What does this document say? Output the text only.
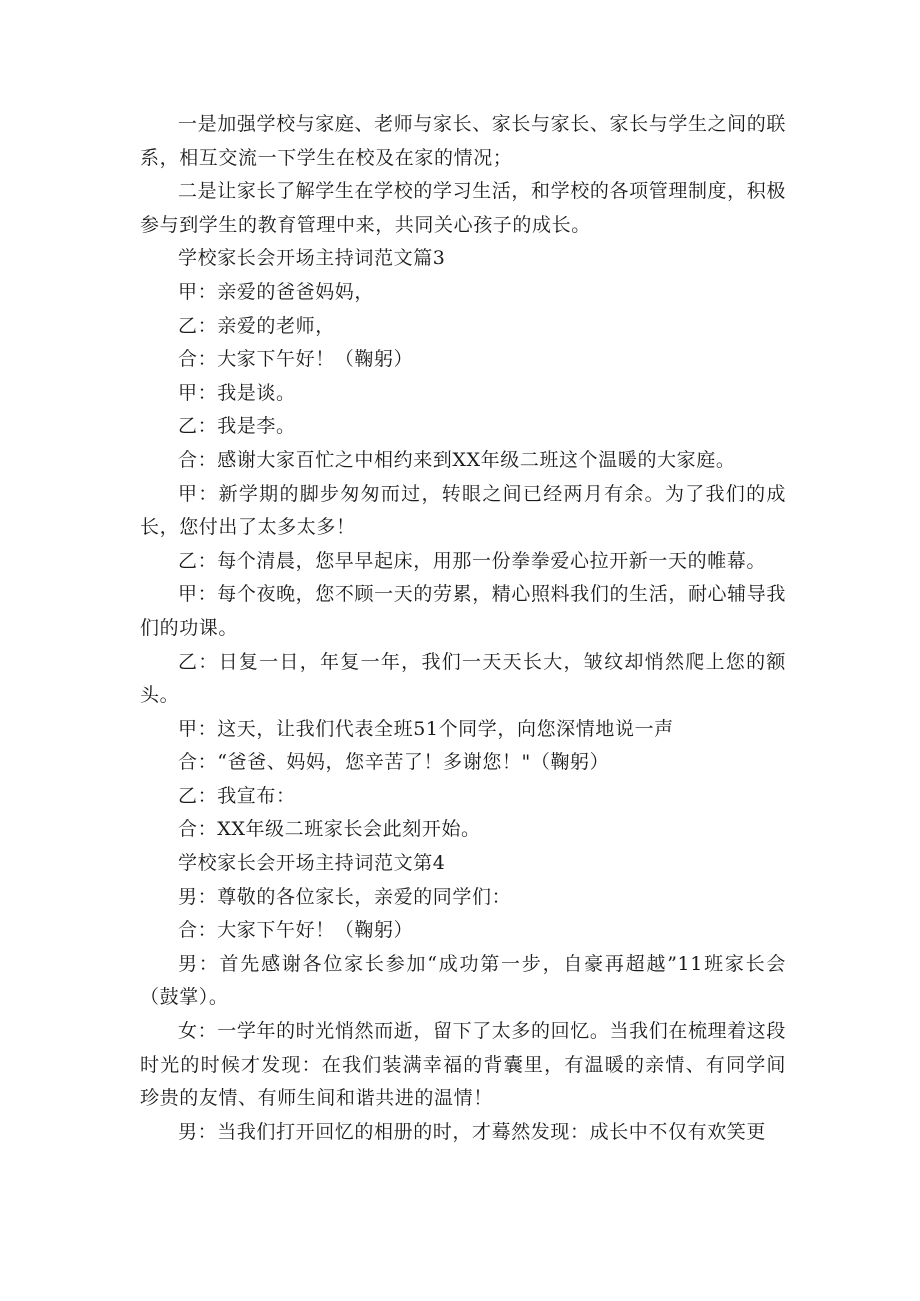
一是加强学校与家庭、老师与家长、家长与家长、家长与学生之间的联系，相互交流一下学生在校及在家的情况；

二是让家长了解学生在学校的学习生活，和学校的各项管理制度，积极参与到学生的教育管理中来，共同关心孩子的成长。

学校家长会开场主持词范文篇3

甲：亲爱的爸爸妈妈，

乙：亲爱的老师，

合：大家下午好！（鞠躬）

甲：我是谈。

乙：我是李。

合：感谢大家百忙之中相约来到XX年级二班这个温暖的大家庭。

甲：新学期的脚步匆匆而过，转眼之间已经两月有余。为了我们的成长，您付出了太多太多！

乙：每个清晨，您早早起床，用那一份拳拳爱心拉开新一天的帷幕。

甲：每个夜晚，您不顾一天的劳累，精心照料我们的生活，耐心辅导我们的功课。

乙：日复一日，年复一年，我们一天天长大，皱纹却悄然爬上您的额头。

甲：这天，让我们代表全班51个同学，向您深情地说一声

合：“爸爸、妈妈，您辛苦了！多谢您！"（鞠躬）

乙：我宣布：

合：XX年级二班家长会此刻开始。

学校家长会开场主持词范文第4

男：尊敬的各位家长，亲爱的同学们：

合：大家下午好！（鞠躬）

男：首先感谢各位家长参加“成功第一步，自豪再超越”11班家长会（鼓掌）。

女：一学年的时光悄然而逝，留下了太多的回忆。当我们在梳理着这段时光的时候才发现：在我们装满幸福的背囊里，有温暖的亲情、有同学间珍贵的友情、有师生间和谐共进的温情！

男：当我们打开回忆的相册的时，才蓦然发现：成长中不仅有欢笑更
